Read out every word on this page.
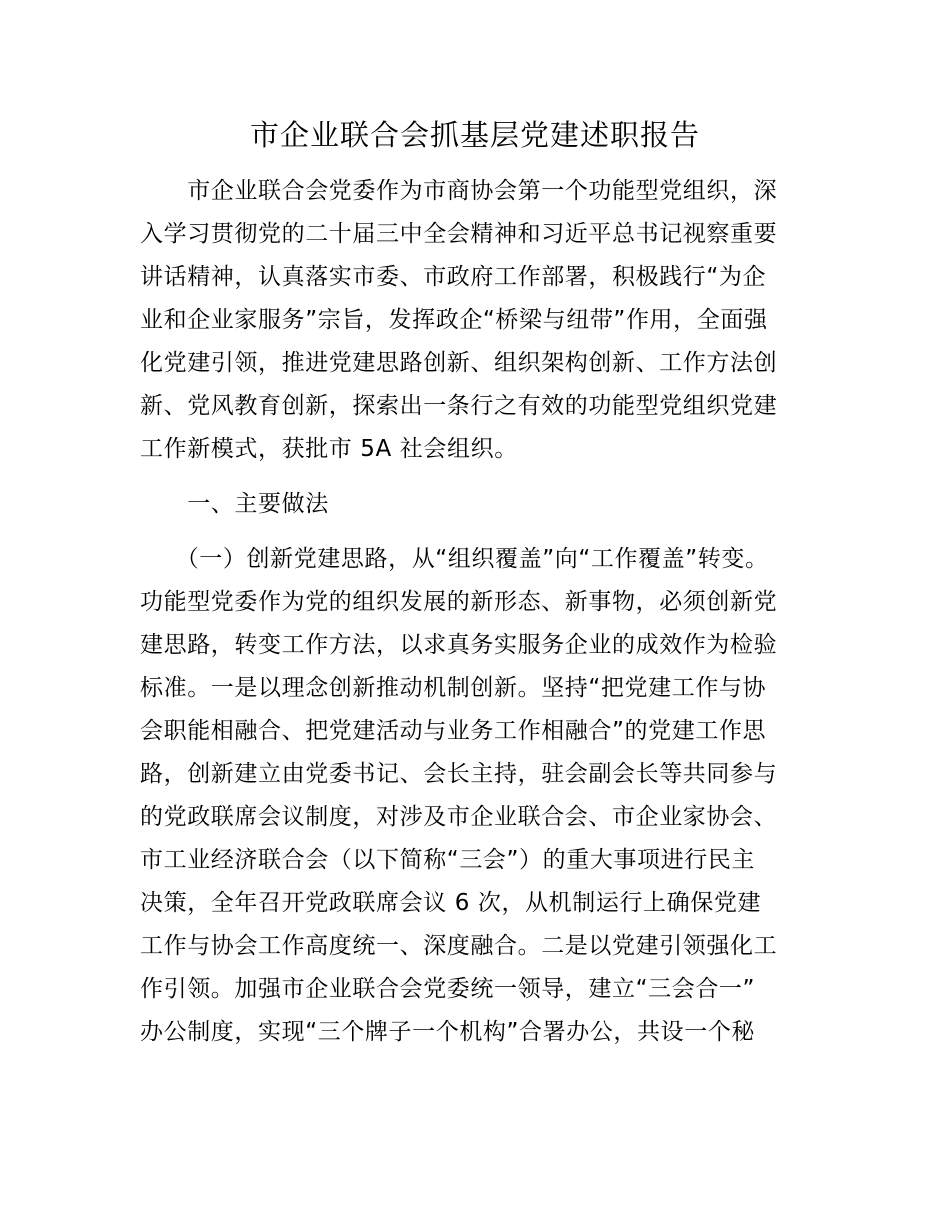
市企业联合会抓基层党建述职报告
　　市企业联合会党委作为市商协会第一个功能型党组织，深
入学习贯彻党的二十届三中全会精神和习近平总书记视察重要
讲话精神，认真落实市委、市政府工作部署，积极践行“为企
业和企业家服务”宗旨，发挥政企“桥梁与纽带”作用，全面强
化党建引领，推进党建思路创新、组织架构创新、工作方法创
新、党风教育创新，探索出一条行之有效的功能型党组织党建
工作新模式，获批市 5A 社会组织。
　　一、主要做法
　　（一）创新党建思路，从“组织覆盖”向“工作覆盖”转变。
功能型党委作为党的组织发展的新形态、新事物，必须创新党
建思路，转变工作方法，以求真务实服务企业的成效作为检验
标准。一是以理念创新推动机制创新。坚持“把党建工作与协
会职能相融合、把党建活动与业务工作相融合”的党建工作思
路，创新建立由党委书记、会长主持，驻会副会长等共同参与
的党政联席会议制度，对涉及市企业联合会、市企业家协会、
市工业经济联合会（以下简称“三会”）的重大事项进行民主
决策，全年召开党政联席会议 6 次，从机制运行上确保党建
工作与协会工作高度统一、深度融合。二是以党建引领强化工
作引领。加强市企业联合会党委统一领导，建立“三会合一”
办公制度，实现“三个牌子一个机构”合署办公，共设一个秘
